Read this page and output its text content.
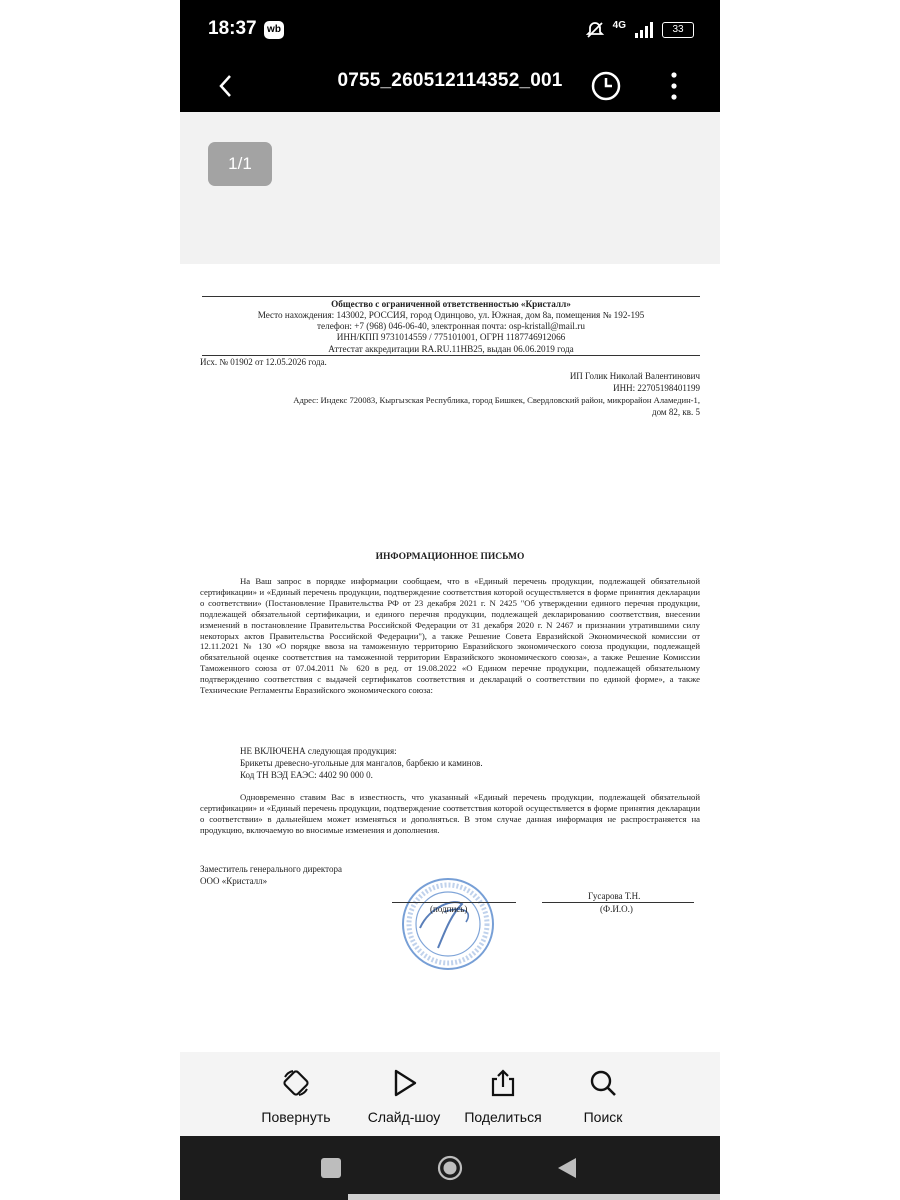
18:37	wb	4G	33
0755_260512114352_001
1/1
Общество с ограниченной ответственностью «Кристалл»
Место нахождения: 143002, РОССИЯ, город Одинцово, ул. Южная, дом 8а, помещения № 192-195
телефон: +7 (968) 046-06-40, электронная почта: osp-kristall@mail.ru
ИНН/КПП 9731014559 / 775101001, ОГРН 1187746912066
Аттестат аккредитации RA.RU.11HB25, выдан 06.06.2019 года
Исх. № 01902 от 12.05.2026 года.
ИП Голик Николай Валентинович
ИНН: 22705198401199
Адрес: Индекс 720083, Кыргызская Республика, город Бишкек, Свердловский район, микрорайон Аламедин-1,
дом 82, кв. 5
ИНФОРМАЦИОННОЕ ПИСЬМО
На Ваш запрос в порядке информации сообщаем, что в «Единый перечень продукции, подлежащей обязательной сертификации» и «Единый перечень продукции, подтверждение соответствия которой осуществляется в форме принятия декларации о соответствии» (Постановление Правительства РФ от 23 декабря 2021 г. N 2425 "Об утверждении единого перечня продукции, подлежащей обязательной сертификации, и единого перечня продукции, подлежащей декларированию соответствия, внесении изменений в постановление Правительства Российской Федерации от 31 декабря 2020 г. N 2467 и признании утратившими силу некоторых актов Правительства Российской Федерации"), а также Решение Совета Евразийской Экономической комиссии от 12.11.2021 № 130 «О порядке ввоза на таможенную территорию Евразийского экономического союза продукции, подлежащей обязательной оценке соответствия на таможенной территории Евразийского экономического союза», а также Решение Комиссии Таможенного союза от 07.04.2011 № 620 в ред. от 19.08.2022 «О Едином перечне продукции, подлежащей обязательному подтверждению соответствия с выдачей сертификатов соответствия и деклараций о соответствии по единой форме», а также Технические Регламенты Евразийского экономического союза:
НЕ ВКЛЮЧЕНА следующая продукция:
Брикеты древесно-угольные для мангалов, барбекю и каминов.
Код ТН ВЭД ЕАЭС: 4402 90 000 0.
Одновременно ставим Вас в известность, что указанный «Единый перечень продукции, подлежащей обязательной сертификации» и «Единый перечень продукции, подтверждение соответствия которой осуществляется в форме принятия декларации о соответствии» в дальнейшем может изменяться и дополняться. В этом случае данная информация не распространяется на продукцию, включаемую во вносимые изменения и дополнения.
Заместитель генерального директора
ООО «Кристалл»
(подпись)
Гусарова Т.Н.
(Ф.И.О.)
Повернуть	Слайд-шоу	Поделиться	Поиск
